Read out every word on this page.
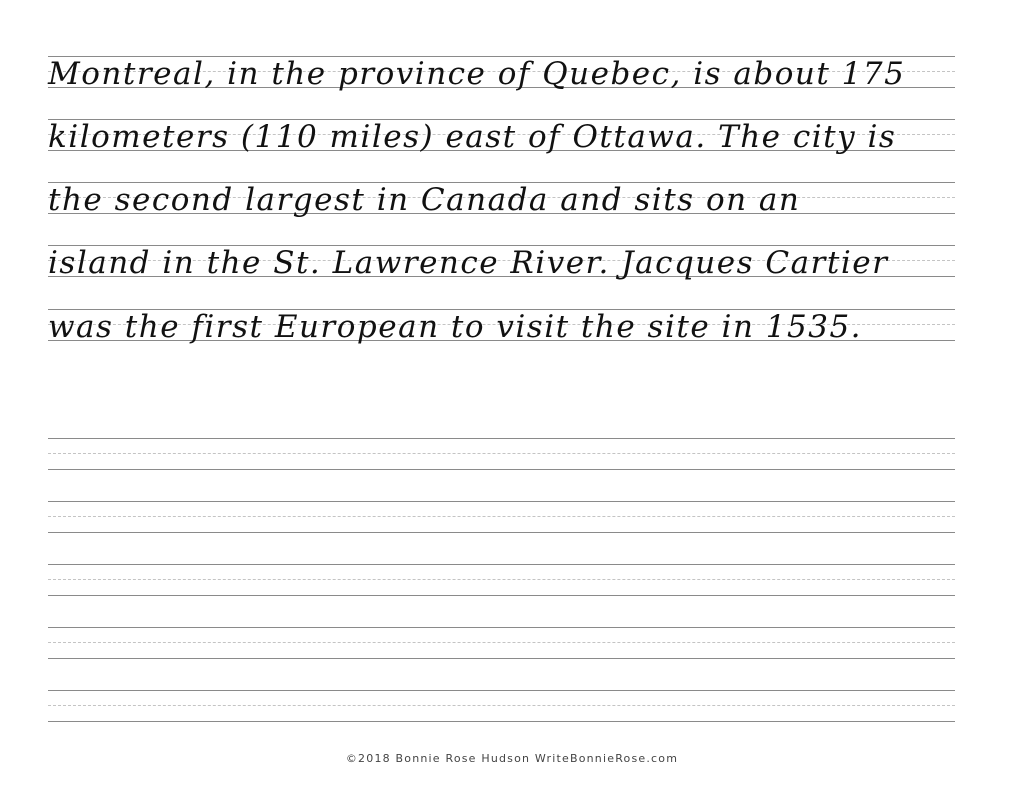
Montreal, in the province of Quebec, is about 175
kilometers (110 miles) east of Ottawa. The city is
the second largest in Canada and sits on an
island in the St. Lawrence River. Jacques Cartier
was the first European to visit the site in 1535.
©2018 Bonnie Rose Hudson WriteBonnieRose.com
